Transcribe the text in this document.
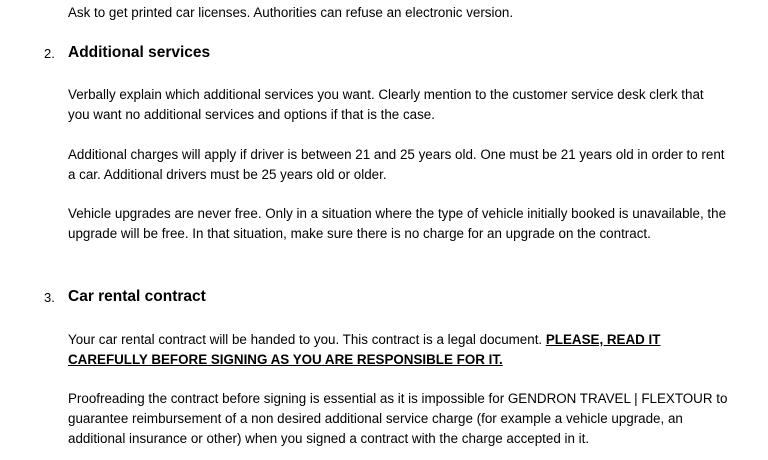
Ask to get printed car licenses. Authorities can refuse an electronic version.

2. Additional services

Verbally explain which additional services you want. Clearly mention to the customer service desk clerk that you want no additional services and options if that is the case.

Additional charges will apply if driver is between 21 and 25 years old. One must be 21 years old in order to rent a car. Additional drivers must be 25 years old or older.

Vehicle upgrades are never free. Only in a situation where the type of vehicle initially booked is unavailable, the upgrade will be free. In that situation, make sure there is no charge for an upgrade on the contract.

3. Car rental contract

Your car rental contract will be handed to you. This contract is a legal document. PLEASE, READ IT CAREFULLY BEFORE SIGNING AS YOU ARE RESPONSIBLE FOR IT.

Proofreading the contract before signing is essential as it is impossible for GENDRON TRAVEL | FLEXTOUR to guarantee reimbursement of a non desired additional service charge (for example a vehicle upgrade, an additional insurance or other) when you signed a contract with the charge accepted in it.
